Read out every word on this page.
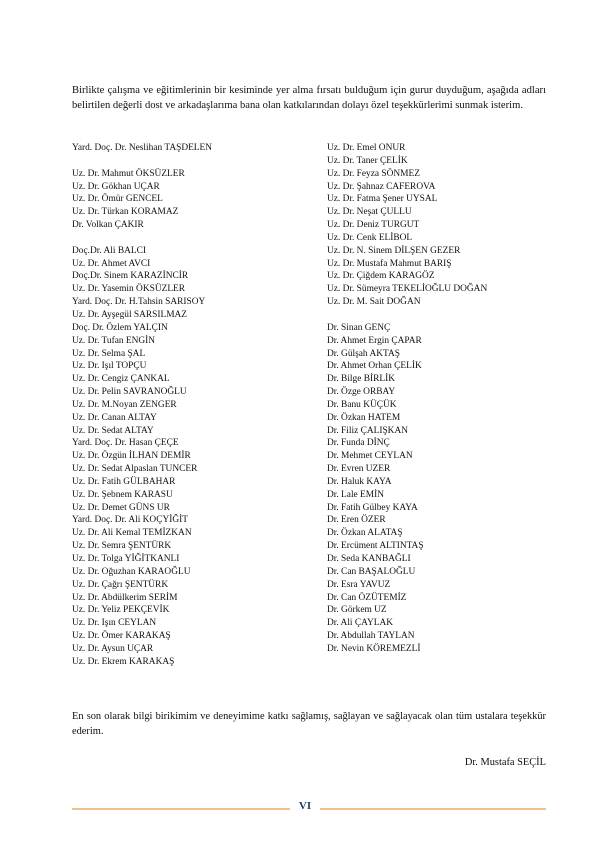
Birlikte çalışma ve eğitimlerinin bir kesiminde yer alma fırsatı bulduğum için gurur duyduğum, aşağıda adları belirtilen değerli dost ve arkadaşlarıma bana olan katkılarından dolayı özel teşekkürlerimi sunmak isterim.

Yard. Doç. Dr. Neslihan TAŞDELEN
Uz. Dr. Mahmut ÖKSÜZLER
Uz. Dr. Gökhan UÇAR
Uz. Dr. Ömür GENCEL
Uz. Dr. Türkan KORAMAZ
Dr. Volkan ÇAKIR
Doç.Dr. Ali BALCI
Uz. Dr. Ahmet AVCI
Doç.Dr. Sinem KARAZİNCİR
Uz. Dr. Yasemin ÖKSÜZLER
Yard. Doç. Dr. H.Tahsin SARISOY
Uz. Dr. Ayşegül SARSILMAZ
Doç. Dr. Özlem YALÇIN
Uz. Dr. Tufan ENGİN
Uz. Dr. Selma ŞAL
Uz. Dr. Işıl TOPÇU
Uz. Dr. Cengiz ÇANKAL
Uz. Dr. Pelin SAVRANOĞLU
Uz. Dr. M.Noyan ZENGER
Uz. Dr. Canan ALTAY
Uz. Dr. Sedat ALTAY
Yard. Doç. Dr. Hasan ÇEÇE
Uz. Dr. Özgün İLHAN DEMİR
Uz. Dr. Sedat Alpaslan TUNCER
Uz. Dr. Fatih GÜLBAHAR
Uz. Dr. Şebnem KARASU
Uz. Dr. Demet GÜNS UR
Yard. Doç. Dr. Ali KOÇYİĞİT
Uz. Dr. Ali Kemal TEMİZKAN
Uz. Dr. Semra ŞENTÜRK
Uz. Dr. Tolga YİĞİTKANLI
Uz. Dr. Oğuzhan KARAOĞLU
Uz. Dr. Çağrı ŞENTÜRK
Uz. Dr. Abdülkerim SERİM
Uz. Dr. Yeliz PEKÇEVİK
Uz. Dr. Işın CEYLAN
Uz. Dr. Ömer KARAKAŞ
Uz. Dr. Aysun UÇAR
Uz. Dr. Ekrem KARAKAŞ
Uz. Dr. Emel ONUR
Uz. Dr. Taner ÇELİK
Uz. Dr. Feyza SÖNMEZ
Uz. Dr. Şahnaz CAFEROVA
Uz. Dr. Fatma Şener UYSAL
Uz. Dr. Neşat ÇULLU
Uz. Dr. Deniz TURGUT
Uz. Dr. Cenk ELİBOL
Uz. Dr. N. Sinem DİLŞEN GEZER
Uz. Dr. Mustafa Mahmut BARIŞ
Uz. Dr. Çiğdem KARAGÖZ
Uz. Dr. Sümeyra TEKELİOĞLU DOĞAN
Uz. Dr. M. Sait DOĞAN
Dr. Sinan GENÇ
Dr. Ahmet Ergin ÇAPAR
Dr. Gülşah AKTAŞ
Dr. Ahmet Orhan ÇELİK
Dr. Bilge BİRLİK
Dr. Özge ORBAY
Dr. Banu KÜÇÜK
Dr. Özkan HATEM
Dr. Filiz ÇALIŞKAN
Dr. Funda DİNÇ
Dr. Mehmet CEYLAN
Dr. Evren UZER
Dr. Haluk KAYA
Dr. Lale EMİN
Dr. Fatih Gülbey KAYA
Dr. Eren ÖZER
Dr. Özkan ALATAŞ
Dr. Ercüment ALTINTAŞ
Dr. Seda KANBAĞLI
Dr. Can BAŞALOĞLU
Dr. Esra YAVUZ
Dr. Can ÖZÜTEMİZ
Dr. Görkem UZ
Dr. Ali ÇAYLAK
Dr. Abdullah TAYLAN
Dr. Nevin KÖREMEZLİ

En son olarak bilgi birikimim ve deneyimime katkı sağlamış, sağlayan ve sağlayacak olan tüm ustalara teşekkür ederim.

Dr. Mustafa SEÇİL
VI
